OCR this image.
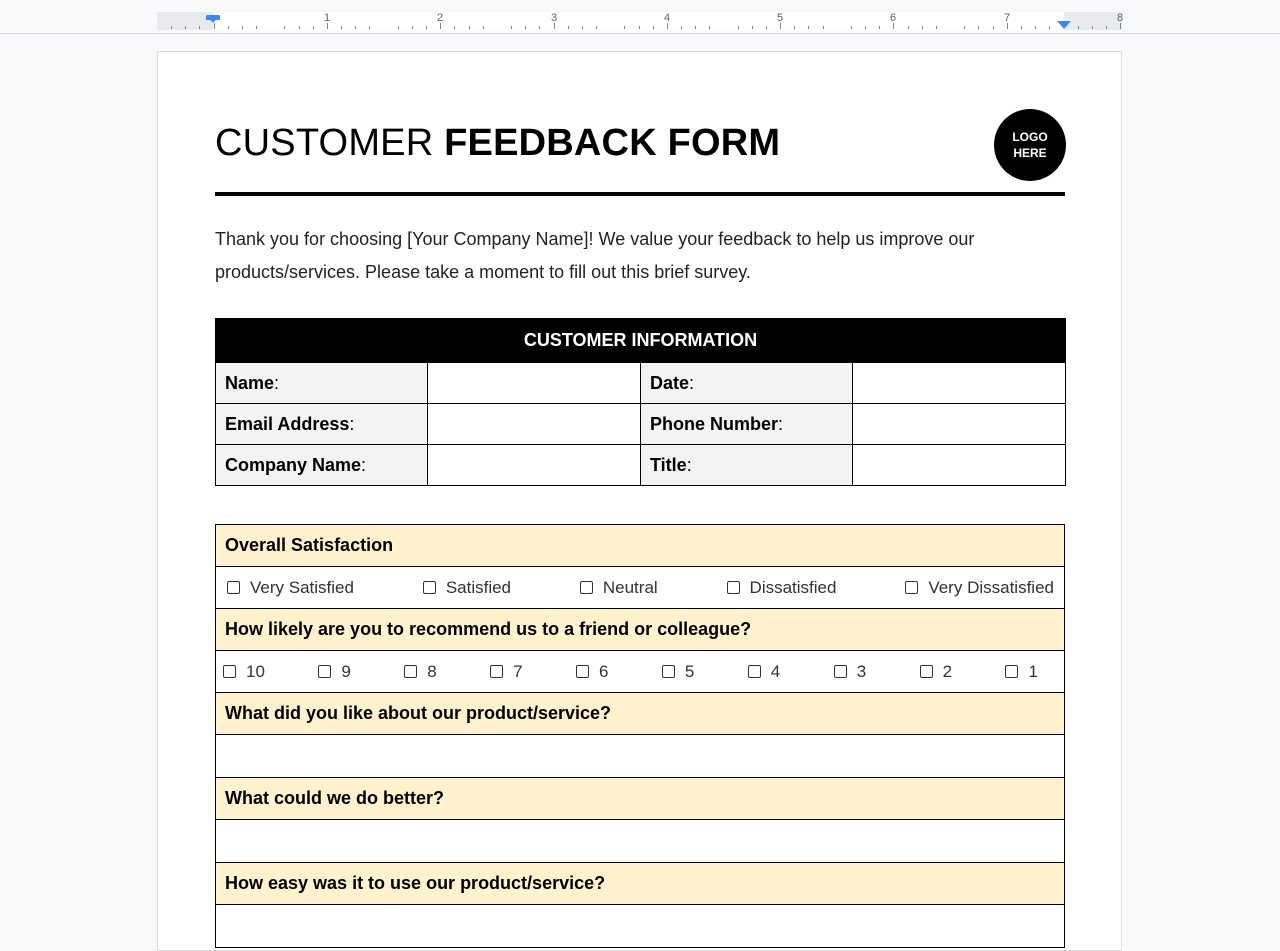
1	2	3	4	5	6	7	8
CUSTOMER FEEDBACK FORM	LOGO
HERE
Thank you for choosing [Your Company Name]! We value your feedback to help us improve our products/services. Please take a moment to fill out this brief survey.
CUSTOMER INFORMATION			
Name:		Date:	
Email Address:		Phone Number:	
Company Name:		Title:	
Overall Satisfaction

Very Satisfied	Satisfied	Neutral	Dissatisfied	Very Dissatisfied

How likely are you to recommend us to a friend or colleague?

10	9	8	7	6	5	4	3	2	1

What did you like about our product/service?

What could we do better?

How easy was it to use our product/service?
